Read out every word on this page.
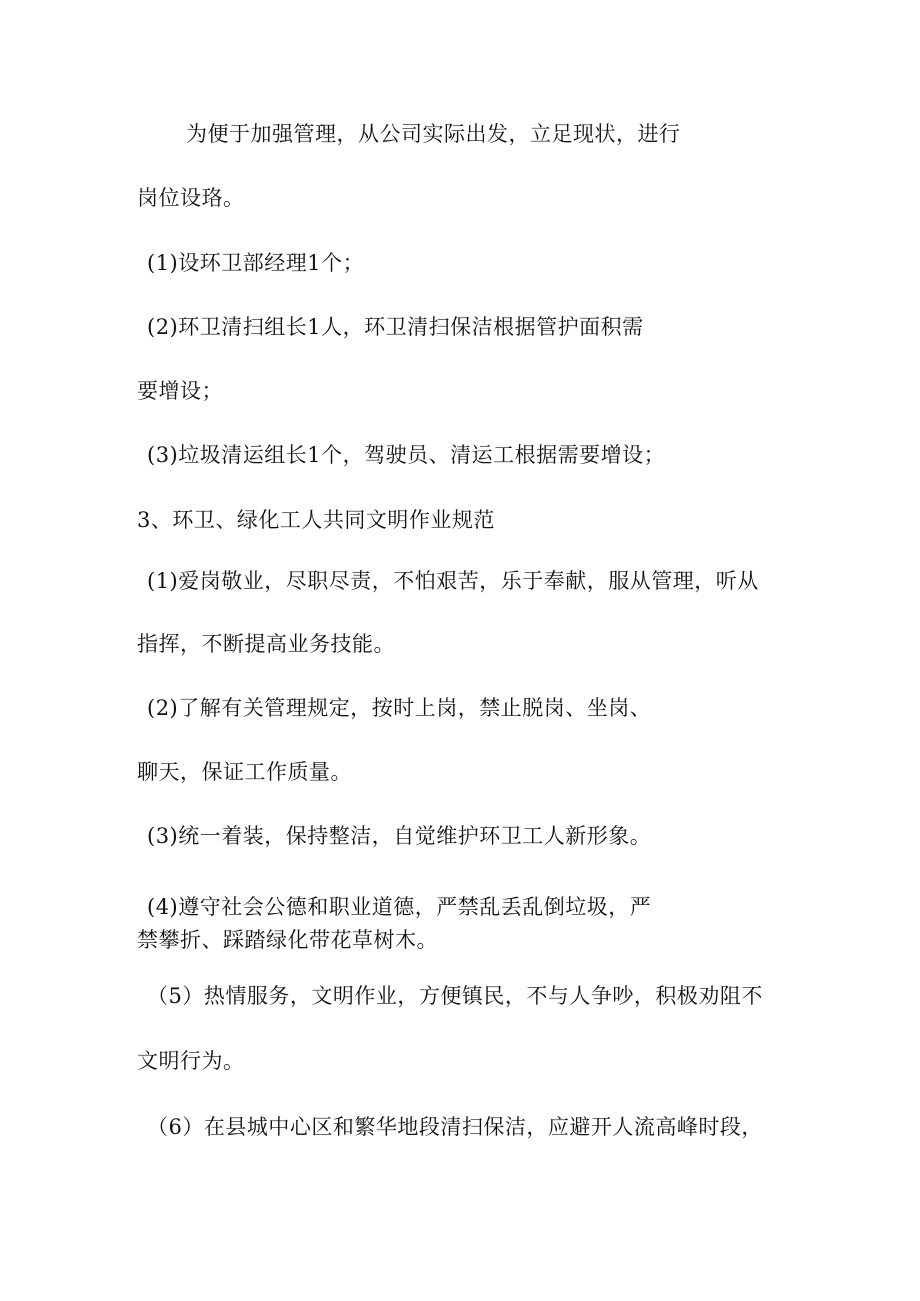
为便于加强管理，从公司实际出发，立足现状，进行
岗位设珞。
(1)设环卫部经理1个；
(2)环卫清扫组长1人，环卫清扫保洁根据管护面积需
要增设；
(3)垃圾清运组长1个，驾驶员、清运工根据需要增设；
3、环卫、绿化工人共同文明作业规范
(1)爱岗敬业，尽职尽责，不怕艰苦，乐于奉献，服从管理，听从
指挥，不断提高业务技能。
(2)了解有关管理规定，按时上岗，禁止脱岗、坐岗、
聊天，保证工作质量。
(3)统一着装，保持整洁，自觉维护环卫工人新形象。
(4)遵守社会公德和职业道德，严禁乱丢乱倒垃圾，严
禁攀折、踩踏绿化带花草树木。
（5）热情服务，文明作业，方便镇民，不与人争吵，积极劝阻不
文明行为。
（6）在县城中心区和繁华地段清扫保洁，应避开人流高峰时段，
